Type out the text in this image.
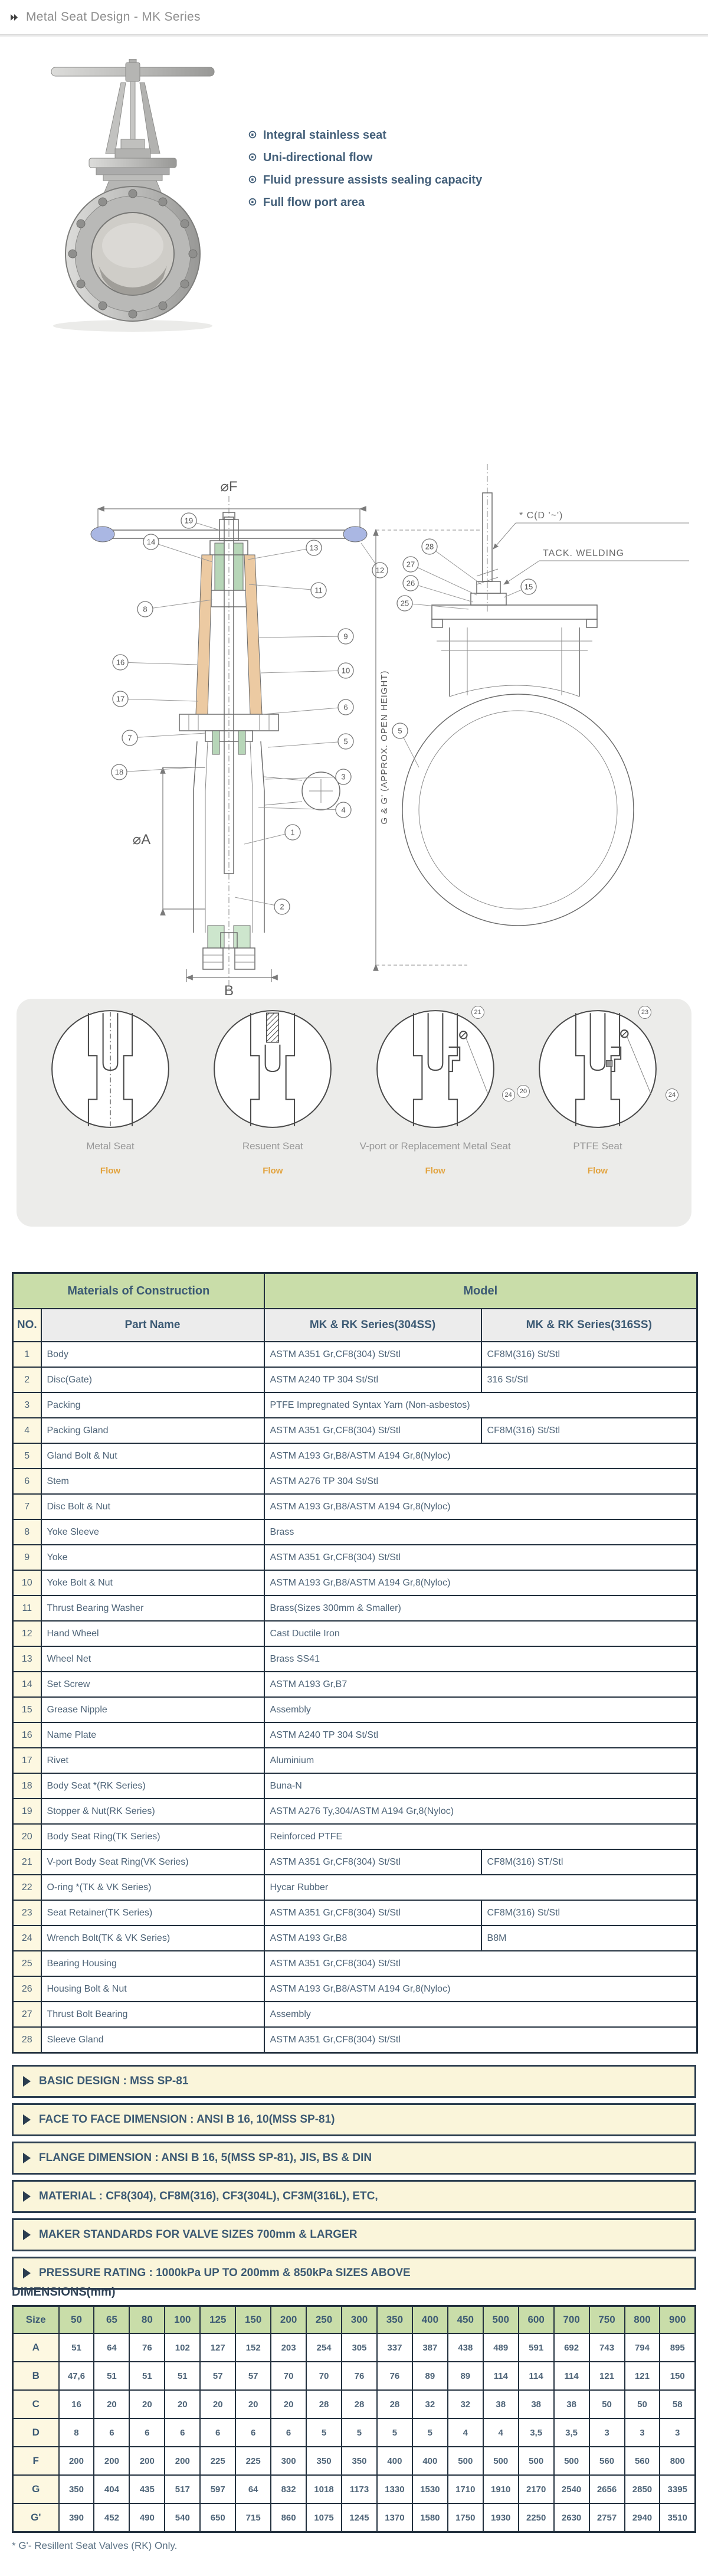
Metal Seat Design - MK Series
⊙ Integral stainless seat
⊙ Uni-directional flow
⊙ Fluid pressure assists sealing capacity
⊙ Full flow port area
⌀F
⌀A
B
19
14
13
12
11
8
9
16
17
10
6
7
18
5
3
4
1
2
G & G' (APPROX. OPEN HEIGHT)
* C(D '~')
TACK. WELDING
28
27
26
25
15
5
Metal Seat
Flow
Resuent Seat
Flow
21
24
V-port or Replacement Metal Seat
Flow
20
23
24
PTFE Seat
Flow
Materials of Construction		Model	
NO.	Part Name	MK & RK Series(304SS)	MK & RK Series(316SS)
1	Body	ASTM A351 Gr,CF8(304) St/Stl	CF8M(316) St/Stl
2	Disc(Gate)	ASTM A240 TP 304 St/Stl	316 St/Stl
3	Packing	PTFE Impregnated Syntax Yarn (Non-asbestos)	
4	Packing Gland	ASTM A351 Gr,CF8(304) St/Stl	CF8M(316) St/Stl
5	Gland Bolt & Nut	ASTM A193 Gr,B8/ASTM A194 Gr,8(Nyloc)	
6	Stem	ASTM A276 TP 304 St/Stl	
7	Disc Bolt & Nut	ASTM A193 Gr,B8/ASTM A194 Gr,8(Nyloc)	
8	Yoke Sleeve	Brass	
9	Yoke	ASTM A351 Gr,CF8(304) St/Stl	
10	Yoke Bolt & Nut	ASTM A193 Gr,B8/ASTM A194 Gr,8(Nyloc)	
11	Thrust Bearing Washer	Brass(Sizes 300mm & Smaller)	
12	Hand Wheel	Cast Ductile Iron	
13	Wheel Net	Brass SS41	
14	Set Screw	ASTM A193 Gr,B7	
15	Grease Nipple	Assembly	
16	Name Plate	ASTM A240 TP 304 St/Stl	
17	Rivet	Aluminium	
18	Body Seat *(RK Series)	Buna-N	
19	Stopper & Nut(RK Series)	ASTM A276 Ty,304/ASTM A194 Gr,8(Nyloc)	
20	Body Seat Ring(TK Series)	Reinforced PTFE	
21	V-port Body Seat Ring(VK Series)	ASTM A351 Gr,CF8(304) St/Stl	CF8M(316) ST/Stl
22	O-ring *(TK & VK Series)	Hycar Rubber	
23	Seat Retainer(TK Series)	ASTM A351 Gr,CF8(304) St/Stl	CF8M(316) St/Stl
24	Wrench Bolt(TK & VK Series)	ASTM A193 Gr,B8	B8M
25	Bearing Housing	ASTM A351 Gr,CF8(304) St/Stl	
26	Housing Bolt & Nut	ASTM A193 Gr,B8/ASTM A194 Gr,8(Nyloc)	
27	Thrust Bolt Bearing	Assembly	
28	Sleeve Gland	ASTM A351 Gr,CF8(304) St/Stl	
BASIC DESIGN : MSS SP-81
FACE TO FACE DIMENSION : ANSI B 16, 10(MSS SP-81)
FLANGE DIMENSION : ANSI B 16, 5(MSS SP-81), JIS, BS & DIN
MATERIAL : CF8(304), CF8M(316), CF3(304L), CF3M(316L), ETC,
MAKER STANDARDS FOR VALVE SIZES 700mm & LARGER
PRESSURE RATING : 1000kPa UP TO 200mm & 850kPa SIZES ABOVE
DIMENSIONS(mm)
Size	50	65	80	100	125	150	200	250	300	350	400	450	500	600	700	750	800	900
A	51	64	76	102	127	152	203	254	305	337	387	438	489	591	692	743	794	895
B	47,6	51	51	51	57	57	70	70	76	76	89	89	114	114	114	121	121	150
C	16	20	20	20	20	20	20	28	28	28	32	32	38	38	38	50	50	58
D	8	6	6	6	6	6	6	5	5	5	5	4	4	3,5	3,5	3	3	3
F	200	200	200	200	225	225	300	350	350	400	400	500	500	500	500	560	560	800
G	350	404	435	517	597	64	832	1018	1173	1330	1530	1710	1910	2170	2540	2656	2850	3395
G'	390	452	490	540	650	715	860	1075	1245	1370	1580	1750	1930	2250	2630	2757	2940	3510
* G'- Resillent Seat Valves (RK) Only.
